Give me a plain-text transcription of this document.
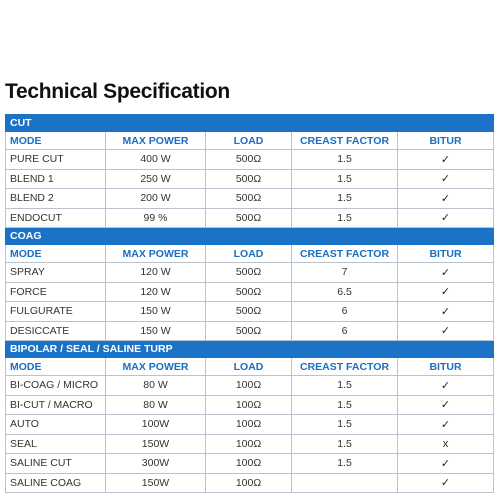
Technical Specification
CUT				
MODE	MAX POWER	LOAD	CREAST FACTOR	BITUR
PURE CUT	400 W	500Ω	1.5	✓
BLEND 1	250 W	500Ω	1.5	✓
BLEND 2	200 W	500Ω	1.5	✓
ENDOCUT	99 %	500Ω	1.5	✓
COAG				
MODE	MAX POWER	LOAD	CREAST FACTOR	BITUR
SPRAY	120 W	500Ω	7	✓
FORCE	120 W	500Ω	6.5	✓
FULGURATE	150 W	500Ω	6	✓
DESICCATE	150 W	500Ω	6	✓
BIPOLAR / SEAL / SALINE TURP				
MODE	MAX POWER	LOAD	CREAST FACTOR	BITUR
BI-COAG / MICRO	80 W	100Ω	1.5	✓
BI-CUT / MACRO	80 W	100Ω	1.5	✓
AUTO	100W	100Ω	1.5	✓
SEAL	150W	100Ω	1.5	x
SALINE CUT	300W	100Ω	1.5	✓
SALINE COAG	150W	100Ω		✓
